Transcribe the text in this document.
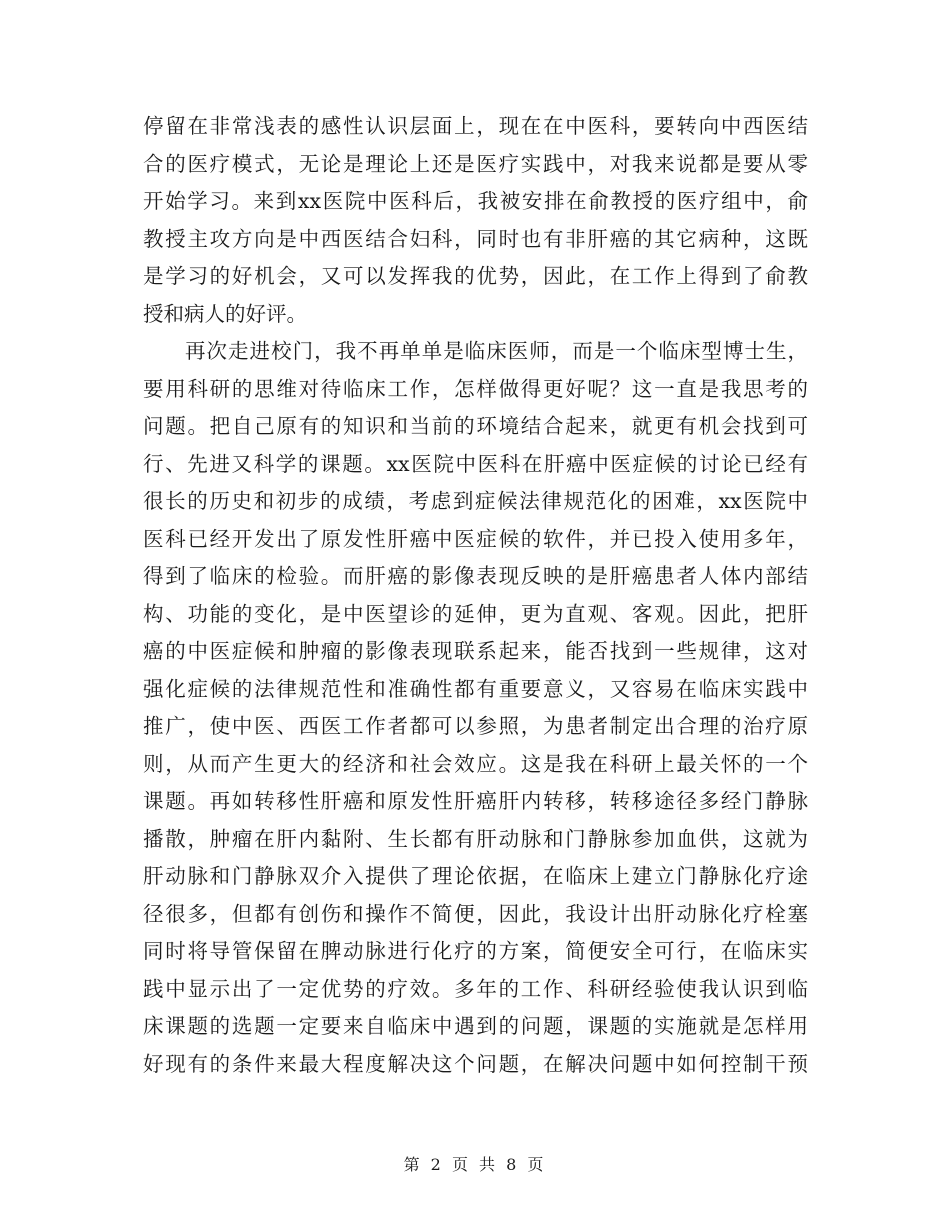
停留在非常浅表的感性认识层面上，现在在中医科，要转向中西医结
合的医疗模式，无论是理论上还是医疗实践中，对我来说都是要从零
开始学习。来到xx医院中医科后，我被安排在俞教授的医疗组中，俞
教授主攻方向是中西医结合妇科，同时也有非肝癌的其它病种，这既
是学习的好机会，又可以发挥我的优势，因此，在工作上得到了俞教
授和病人的好评。
再次走进校门，我不再单单是临床医师，而是一个临床型博士生，
要用科研的思维对待临床工作，怎样做得更好呢？这一直是我思考的
问题。把自己原有的知识和当前的环境结合起来，就更有机会找到可
行、先进又科学的课题。xx医院中医科在肝癌中医症候的讨论已经有
很长的历史和初步的成绩，考虑到症候法律规范化的困难，xx医院中
医科已经开发出了原发性肝癌中医症候的软件，并已投入使用多年，
得到了临床的检验。而肝癌的影像表现反映的是肝癌患者人体内部结
构、功能的变化，是中医望诊的延伸，更为直观、客观。因此，把肝
癌的中医症候和肿瘤的影像表现联系起来，能否找到一些规律，这对
强化症候的法律规范性和准确性都有重要意义，又容易在临床实践中
推广，使中医、西医工作者都可以参照，为患者制定出合理的治疗原
则，从而产生更大的经济和社会效应。这是我在科研上最关怀的一个
课题。再如转移性肝癌和原发性肝癌肝内转移，转移途径多经门静脉
播散，肿瘤在肝内黏附、生长都有肝动脉和门静脉参加血供，这就为
肝动脉和门静脉双介入提供了理论依据，在临床上建立门静脉化疗途
径很多，但都有创伤和操作不简便，因此，我设计出肝动脉化疗栓塞
同时将导管保留在脾动脉进行化疗的方案，简便安全可行，在临床实
践中显示出了一定优势的疗效。多年的工作、科研经验使我认识到临
床课题的选题一定要来自临床中遇到的问题，课题的实施就是怎样用
好现有的条件来最大程度解决这个问题，在解决问题中如何控制干预
第 2 页 共 8 页
